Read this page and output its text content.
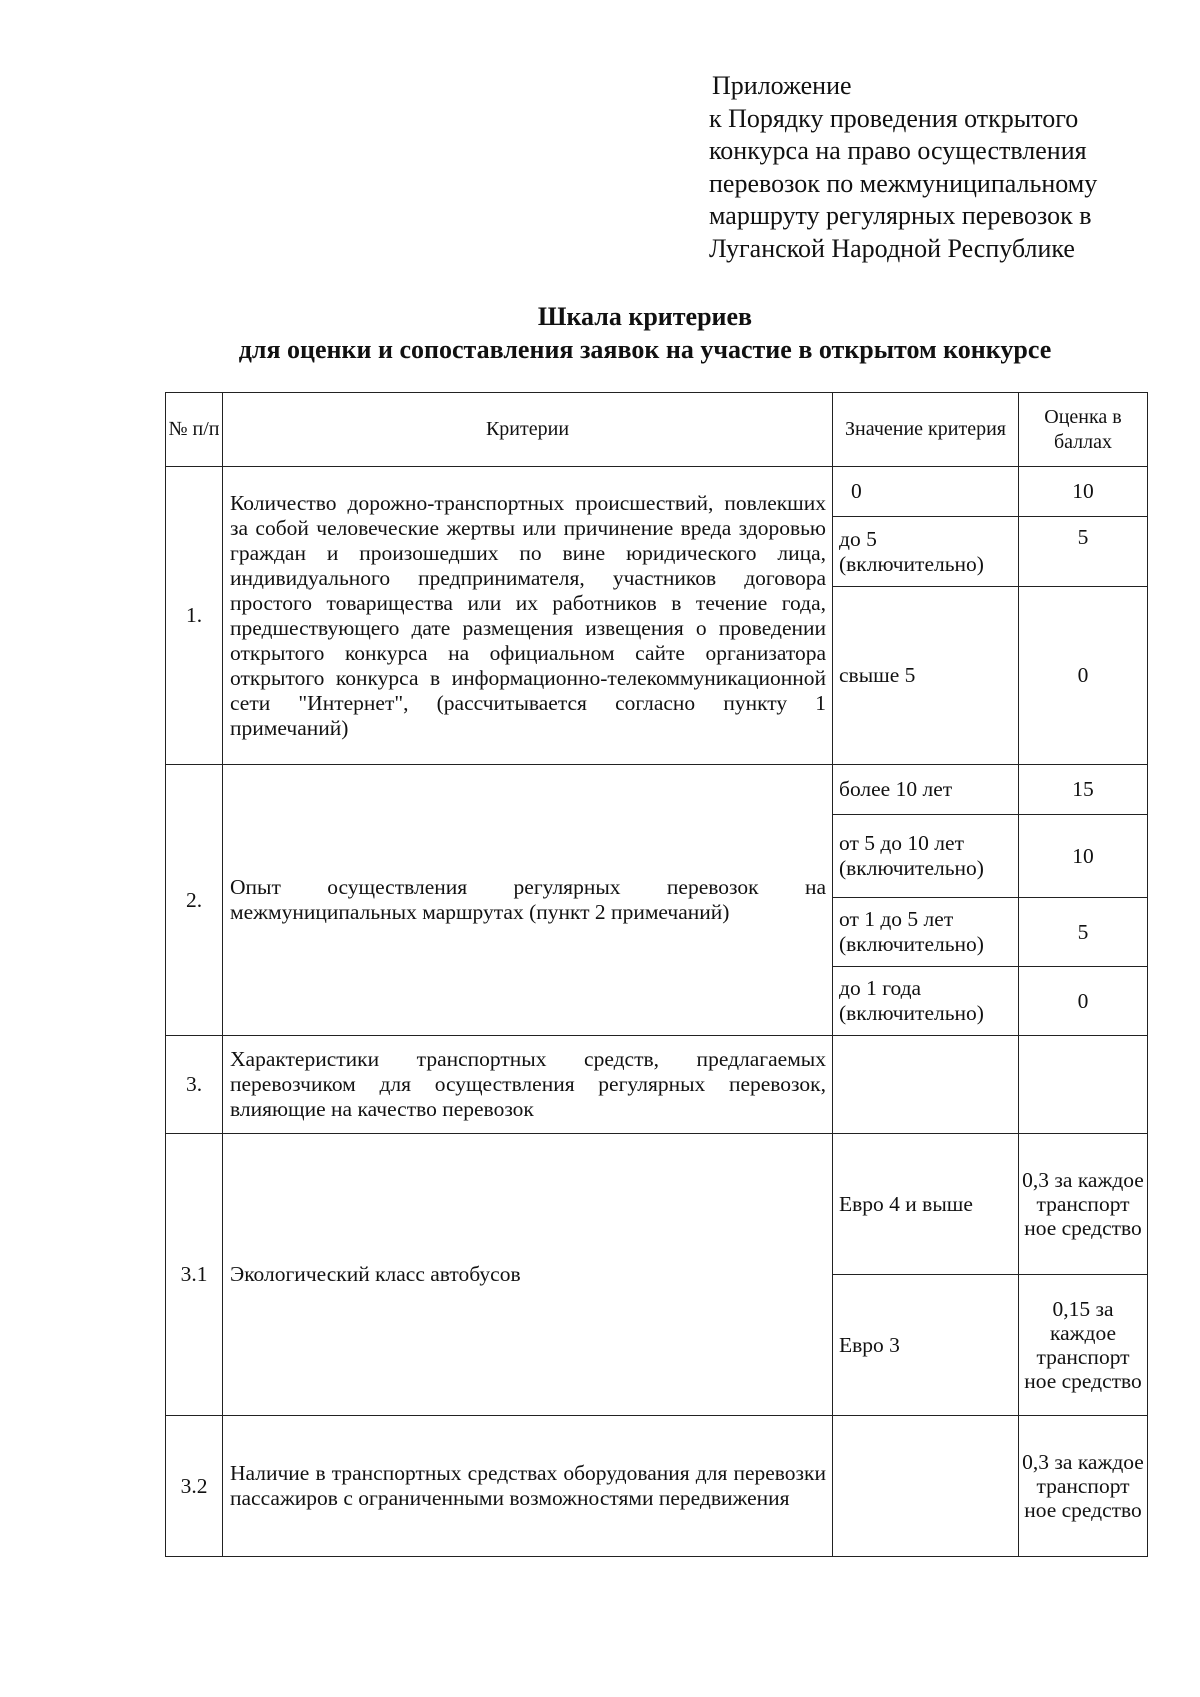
Приложение
к Порядку проведения открытого
конкурса на право осуществления
перевозок по межмуниципальному
маршруту регулярных перевозок в
Луганской Народной Республике
Шкала критериев
для оценки и сопоставления заявок на участие в открытом конкурсе
№ п/п	Критерии	Значение критерия	Оценка в баллах
1.	Количество дорожно-транспортных происшествий, повлекших за собой человеческие жертвы или причинение вреда здоровью граждан и произошедших по вине юридического лица, индивидуального предпринимателя, участников договора простого товарищества или их работников в течение года, предшествующего дате размещения извещения о проведении открытого конкурса на официальном сайте организатора открытого конкурса в информационно-телекоммуникационной сети "Интернет", (рассчитывается согласно пункту 1 примечаний)	0	10
		до 5 (включительно)	5
		свыше 5	0
2.	Опыт осуществления регулярных перевозок на межмуниципальных маршрутах (пункт 2 примечаний)	более 10 лет	15
		от 5 до 10 лет (включительно)	10
		от 1 до 5 лет (включительно)	5
		до 1 года (включительно)	0
3.	Характеристики транспортных средств, предлагаемых перевозчиком для осуществления регулярных перевозок, влияющие на качество перевозок		
3.1	Экологический класс автобусов	Евро 4 и выше	0,3 за каждое транспорт ное средство
		Евро 3	0,15 за каждое транспорт ное средство
3.2	Наличие в транспортных средствах оборудования для перевозки пассажиров с ограниченными возможностями передвижения		0,3 за каждое транспорт ное средство
